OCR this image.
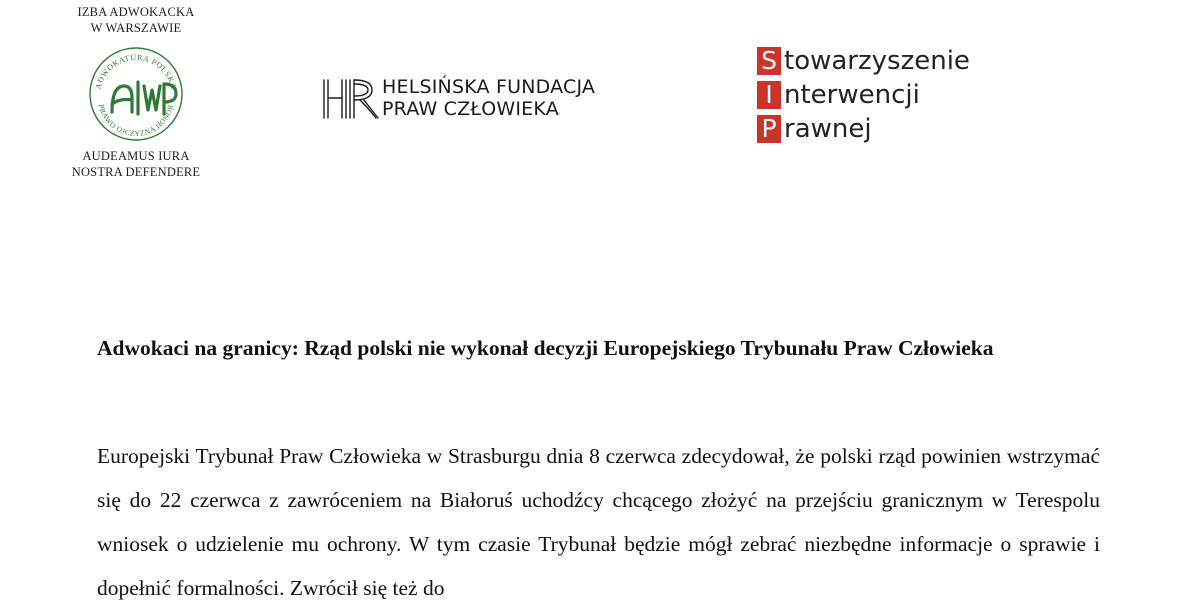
IZBA ADWOKACKA
W WARSZAWIE
ADWOKATURA POLSKA
PRAWO OJCZYZNA HONOR
AUDEAMUS IURA
NOSTRA DEFENDERE
HELSIŃSKA FUNDACJA
PRAW CZŁOWIEKA
S towarzyszenie
I nterwencji
P rawnej
Adwokaci na granicy: Rząd polski nie wykonał decyzji Europejskiego Trybunału Praw Człowieka

Europejski Trybunał Praw Człowieka w Strasburgu dnia 8 czerwca zdecydował, że polski rząd powinien wstrzymać się do 22 czerwca z zawróceniem na Białoruś uchodźcy chcącego złożyć na przejściu granicznym w Terespolu wniosek o udzielenie mu ochrony. W tym czasie Trybunał będzie mógł zebrać niezbędne informacje o sprawie i dopełnić formalności. Zwrócił się też do
